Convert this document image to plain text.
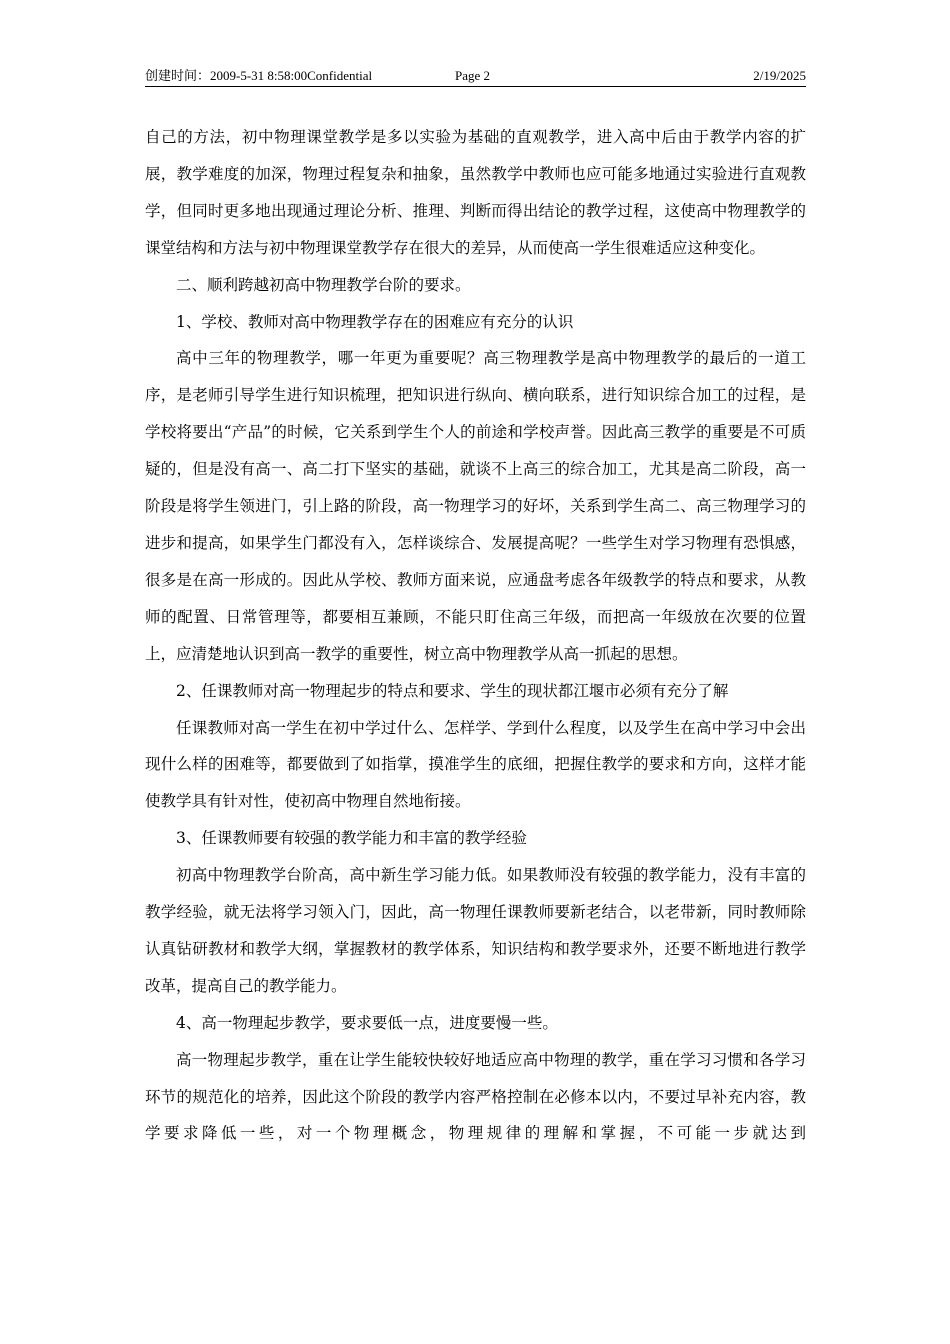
创建时间：2009-5-31 8:58:00Confidential	Page 2	2/19/2025

自己的方法，初中物理课堂教学是多以实验为基础的直观教学，进入高中后由于教学内容的扩展，教学难度的加深，物理过程复杂和抽象，虽然教学中教师也应可能多地通过实验进行直观教学，但同时更多地出现通过理论分析、推理、判断而得出结论的教学过程，这使高中物理教学的课堂结构和方法与初中物理课堂教学存在很大的差异，从而使高一学生很难适应这种变化。

二、顺利跨越初高中物理教学台阶的要求。

1、学校、教师对高中物理教学存在的困难应有充分的认识

高中三年的物理教学，哪一年更为重要呢？高三物理教学是高中物理教学的最后的一道工序，是老师引导学生进行知识梳理，把知识进行纵向、横向联系，进行知识综合加工的过程，是学校将要出“产品”的时候，它关系到学生个人的前途和学校声誉。因此高三教学的重要是不可质疑的，但是没有高一、高二打下坚实的基础，就谈不上高三的综合加工，尤其是高二阶段，高一阶段是将学生领进门，引上路的阶段，高一物理学习的好坏，关系到学生高二、高三物理学习的进步和提高，如果学生门都没有入，怎样谈综合、发展提高呢？一些学生对学习物理有恐惧感，很多是在高一形成的。因此从学校、教师方面来说，应通盘考虑各年级教学的特点和要求，从教师的配置、日常管理等，都要相互兼顾，不能只盯住高三年级，而把高一年级放在次要的位置上，应清楚地认识到高一教学的重要性，树立高中物理教学从高一抓起的思想。

2、任课教师对高一物理起步的特点和要求、学生的现状都江堰市必须有充分了解

任课教师对高一学生在初中学过什么、怎样学、学到什么程度，以及学生在高中学习中会出现什么样的困难等，都要做到了如指掌，摸准学生的底细，把握住教学的要求和方向，这样才能使教学具有针对性，使初高中物理自然地衔接。

3、任课教师要有较强的教学能力和丰富的教学经验

初高中物理教学台阶高，高中新生学习能力低。如果教师没有较强的教学能力，没有丰富的教学经验，就无法将学习领入门，因此，高一物理任课教师要新老结合，以老带新，同时教师除认真钻研教材和教学大纲，掌握教材的教学体系，知识结构和教学要求外，还要不断地进行教学改革，提高自己的教学能力。

4、高一物理起步教学，要求要低一点，进度要慢一些。

高一物理起步教学，重在让学生能较快较好地适应高中物理的教学，重在学习习惯和各学习环节的规范化的培养，因此这个阶段的教学内容严格控制在必修本以内，不要过早补充内容，教学要求降低一些，对一个物理概念，物理规律的理解和掌握，不可能一步就达到
